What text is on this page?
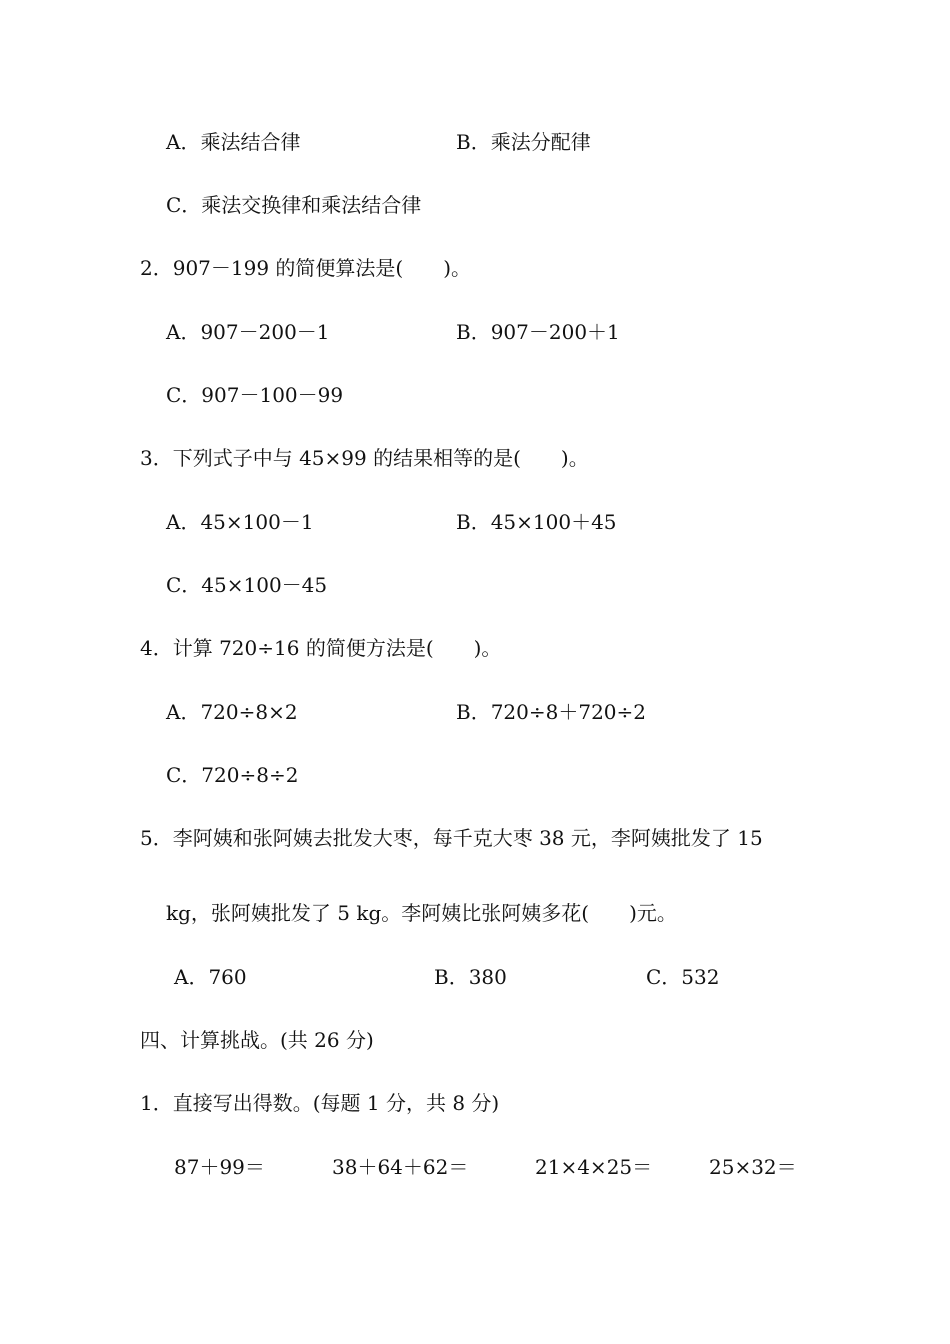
A．乘法结合律	B．乘法分配律
C．乘法交换律和乘法结合律
2．907－199 的简便算法是(　　)。
A．907－200－1	B．907－200＋1
C．907－100－99
3．下列式子中与 45×99 的结果相等的是(　　)。
A．45×100－1	B．45×100＋45
C．45×100－45
4．计算 720÷16 的简便方法是(　　)。
A．720÷8×2	B．720÷8＋720÷2
C．720÷8÷2
5．李阿姨和张阿姨去批发大枣，每千克大枣 38 元，李阿姨批发了 15
kg，张阿姨批发了 5 kg。李阿姨比张阿姨多花(　　)元。
A．760	B．380	C．532
四、计算挑战。(共 26 分)
1．直接写出得数。(每题 1 分，共 8 分)
87＋99＝	38＋64＋62＝	21×4×25＝	25×32＝
